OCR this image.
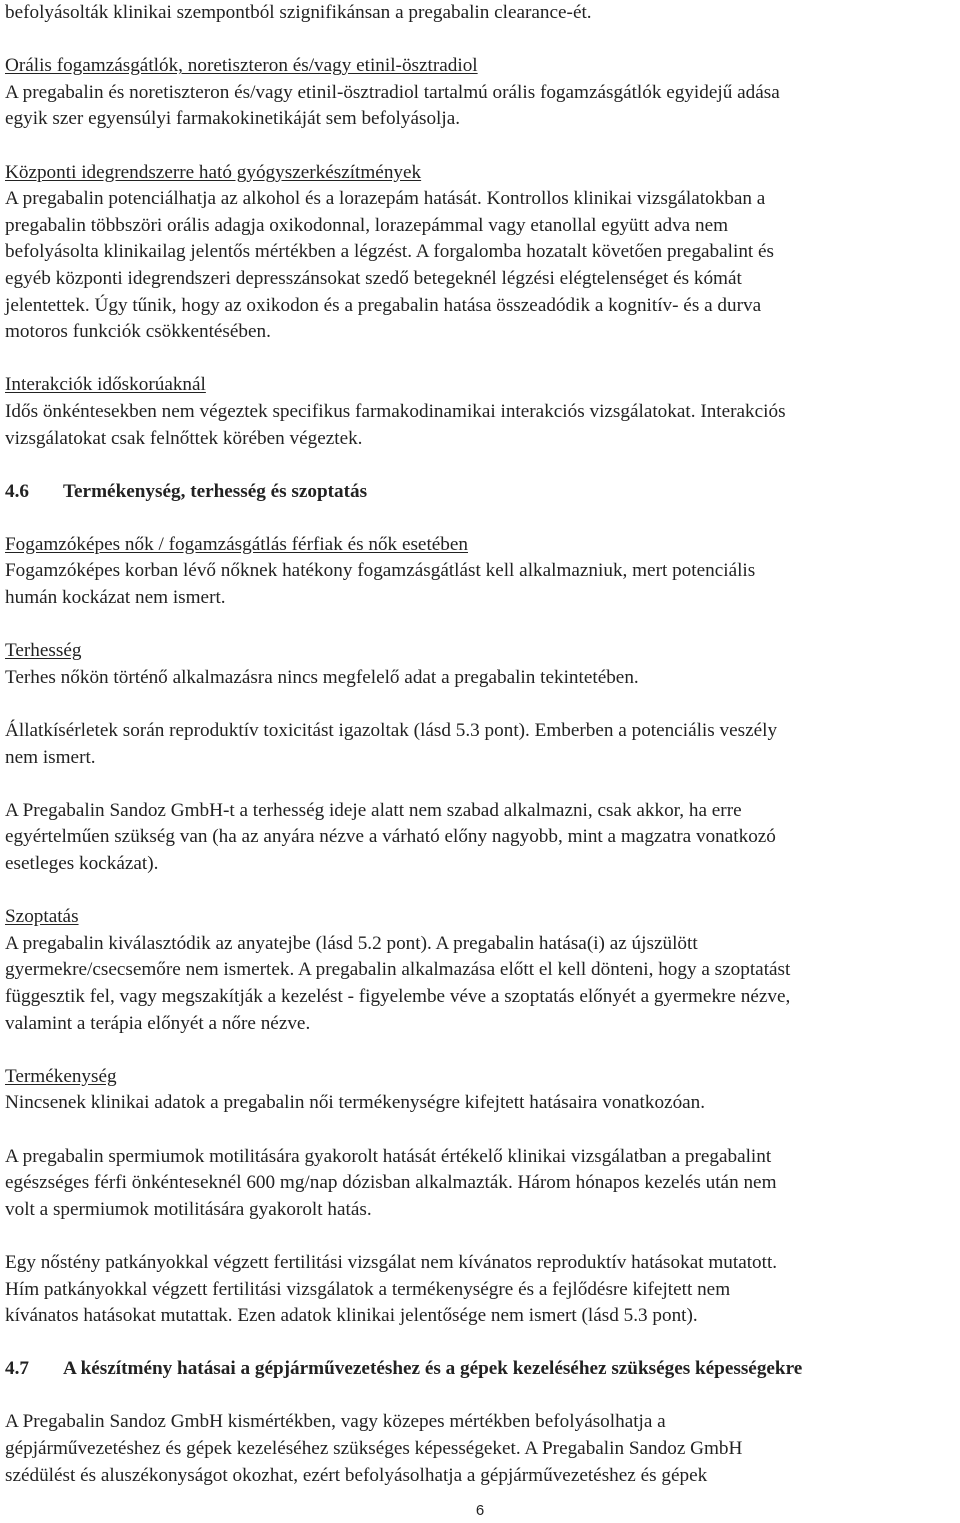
befolyásolták klinikai szempontból szignifikánsan a pregabalin clearance-ét.

Orális fogamzásgátlók, noretiszteron és/vagy etinil-ösztradiol

A pregabalin és noretiszteron és/vagy etinil-ösztradiol tartalmú orális fogamzásgátlók egyidejű adása
egyik szer egyensúlyi farmakokinetikáját sem befolyásolja.

Központi idegrendszerre ható gyógyszerkészítmények

A pregabalin potenciálhatja az alkohol és a lorazepám hatását. Kontrollos klinikai vizsgálatokban a
pregabalin többszöri orális adagja oxikodonnal, lorazepámmal vagy etanollal együtt adva nem
befolyásolta klinikailag jelentős mértékben a légzést. A forgalomba hozatalt követően pregabalint és
egyéb központi idegrendszeri depresszánsokat szedő betegeknél légzési elégtelenséget és kómát
jelentettek. Úgy tűnik, hogy az oxikodon és a pregabalin hatása összeadódik a kognitív- és a durva
motoros funkciók csökkentésében.

Interakciók időskorúaknál

Idős önkéntesekben nem végeztek specifikus farmakodinamikai interakciós vizsgálatokat. Interakciós
vizsgálatokat csak felnőttek körében végeztek.

4.6 Termékenység, terhesség és szoptatás

Fogamzóképes nők / fogamzásgátlás férfiak és nők esetében

Fogamzóképes korban lévő nőknek hatékony fogamzásgátlást kell alkalmazniuk, mert potenciális
humán kockázat nem ismert.

Terhesség

Terhes nőkön történő alkalmazásra nincs megfelelő adat a pregabalin tekintetében.

Állatkísérletek során reproduktív toxicitást igazoltak (lásd 5.3 pont). Emberben a potenciális veszély
nem ismert.

A Pregabalin Sandoz GmbH-t a terhesség ideje alatt nem szabad alkalmazni, csak akkor, ha erre
egyértelműen szükség van (ha az anyára nézve a várható előny nagyobb, mint a magzatra vonatkozó
esetleges kockázat).

Szoptatás

A pregabalin kiválasztódik az anyatejbe (lásd 5.2 pont). A pregabalin hatása(i) az újszülött
gyermekre/csecsemőre nem ismertek. A pregabalin alkalmazása előtt el kell dönteni, hogy a szoptatást
függesztik fel, vagy megszakítják a kezelést - figyelembe véve a szoptatás előnyét a gyermekre nézve,
valamint a terápia előnyét a nőre nézve.

Termékenység

Nincsenek klinikai adatok a pregabalin női termékenységre kifejtett hatásaira vonatkozóan.

A pregabalin spermiumok motilitására gyakorolt hatását értékelő klinikai vizsgálatban a pregabalint
egészséges férfi önkénteseknél 600 mg/nap dózisban alkalmazták. Három hónapos kezelés után nem
volt a spermiumok motilitására gyakorolt hatás.

Egy nőstény patkányokkal végzett fertilitási vizsgálat nem kívánatos reproduktív hatásokat mutatott.
Hím patkányokkal végzett fertilitási vizsgálatok a termékenységre és a fejlődésre kifejtett nem
kívánatos hatásokat mutattak. Ezen adatok klinikai jelentősége nem ismert (lásd 5.3 pont).

4.7 A készítmény hatásai a gépjárművezetéshez és a gépek kezeléséhez szükséges képességekre

A Pregabalin Sandoz GmbH kismértékben, vagy közepes mértékben befolyásolhatja a
gépjárművezetéshez és gépek kezeléséhez szükséges képességeket. A Pregabalin Sandoz GmbH
szédülést és aluszékonyságot okozhat, ezért befolyásolhatja a gépjárművezetéshez és gépek

6
